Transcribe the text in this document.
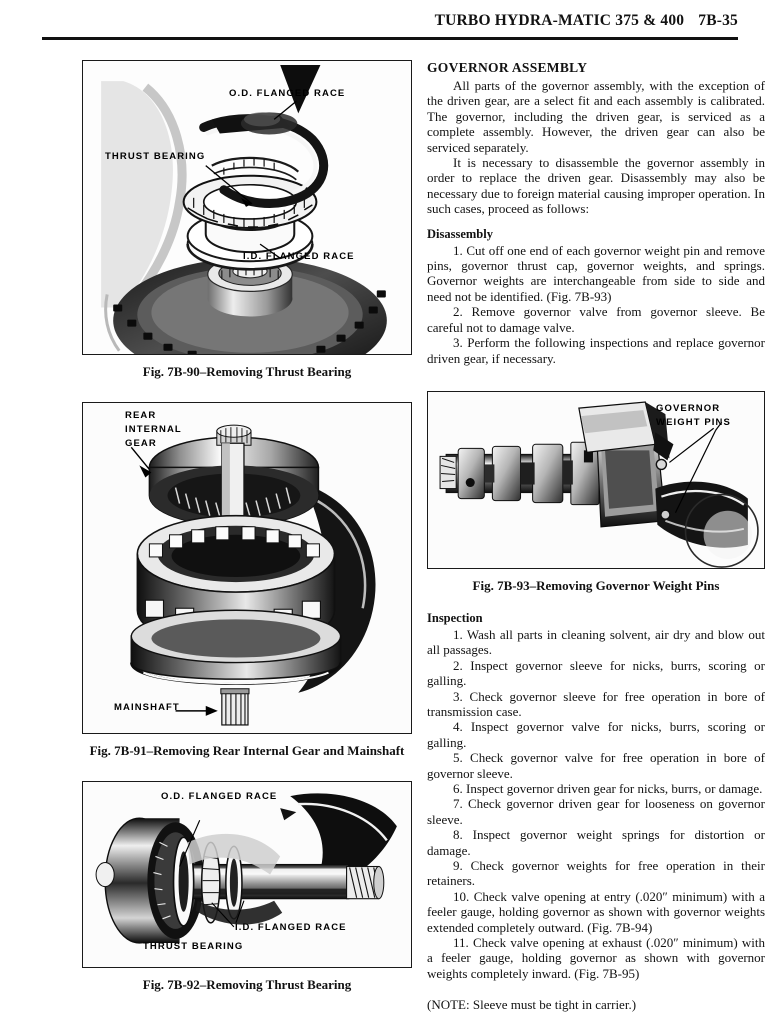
TURBO HYDRA-MATIC 375 & 400 7B-35
O.D. FLANGED RACE
THRUST BEARING
I.D. FLANGED RACE
Fig. 7B-90–Removing Thrust Bearing
REAR
INTERNAL
GEAR
MAINSHAFT
Fig. 7B-91–Removing Rear Internal Gear and Mainshaft
O.D. FLANGED RACE
I.D. FLANGED RACE
THRUST BEARING
Fig. 7B-92–Removing Thrust Bearing
GOVERNOR ASSEMBLY

All parts of the governor assembly, with the exception of the driven gear, are a select fit and each assembly is calibrated. The governor, including the driven gear, is serviced as a complete assembly. However, the driven gear can also be serviced separately.

It is necessary to disassemble the governor assembly in order to replace the driven gear. Disassembly may also be necessary due to foreign material causing improper operation. In such cases, proceed as follows:

Disassembly

1. Cut off one end of each governor weight pin and remove pins, governor thrust cap, governor weights, and springs. Governor weights are interchangeable from side to side and need not be identified. (Fig. 7B-93)

2. Remove governor valve from governor sleeve. Be careful not to damage valve.

3. Perform the following inspections and replace governor driven gear, if necessary.

GOVERNOR
WEIGHT PINS
Fig. 7B-93–Removing Governor Weight Pins
Inspection

1. Wash all parts in cleaning solvent, air dry and blow out all passages.

2. Inspect governor sleeve for nicks, burrs, scoring or galling.

3. Check governor sleeve for free operation in bore of transmission case.

4. Inspect governor valve for nicks, burrs, scoring or galling.

5. Check governor valve for free operation in bore of governor sleeve.

6. Inspect governor driven gear for nicks, burrs, or damage.

7. Check governor driven gear for looseness on governor sleeve.

8. Inspect governor weight springs for distortion or damage.

9. Check governor weights for free operation in their retainers.

10. Check valve opening at entry (.020″ minimum) with a feeler gauge, holding governor as shown with governor weights extended completely outward. (Fig. 7B-94)

11. Check valve opening at exhaust (.020″ minimum) with a feeler gauge, holding governor as shown with governor weights completely inward. (Fig. 7B-95)

(NOTE: Sleeve must be tight in carrier.)
